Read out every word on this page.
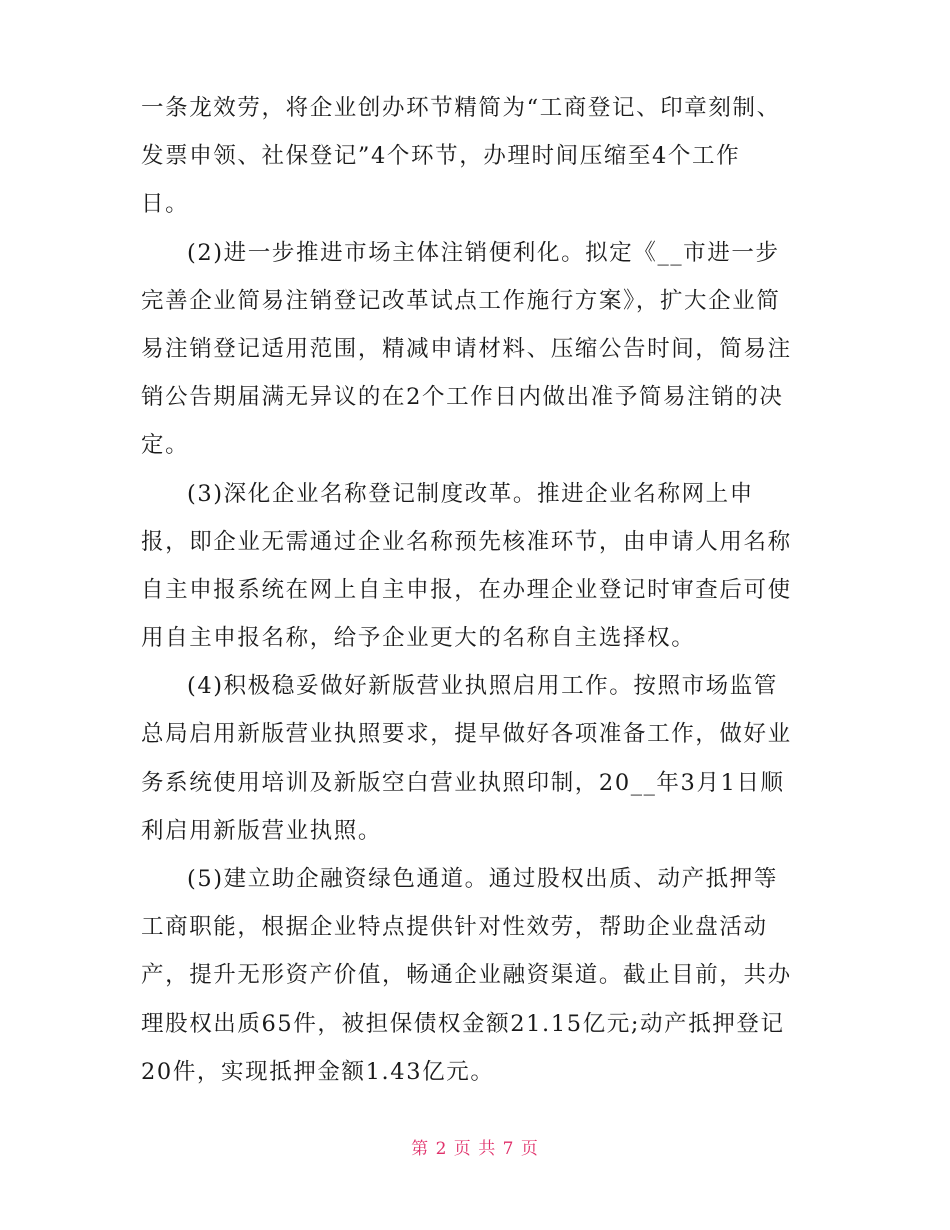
一条龙效劳，将企业创办环节精简为“工商登记、印章刻制、
发票申领、社保登记”4个环节，办理时间压缩至4个工作
日。
(2)进一步推进市场主体注销便利化。拟定《__市进一步
完善企业简易注销登记改革试点工作施行方案》，扩大企业简
易注销登记适用范围，精减申请材料、压缩公告时间，简易注
销公告期届满无异议的在2个工作日内做出准予简易注销的决
定。
(3)深化企业名称登记制度改革。推进企业名称网上申
报，即企业无需通过企业名称预先核准环节，由申请人用名称
自主申报系统在网上自主申报，在办理企业登记时审查后可使
用自主申报名称，给予企业更大的名称自主选择权。
(4)积极稳妥做好新版营业执照启用工作。按照市场监管
总局启用新版营业执照要求，提早做好各项准备工作，做好业
务系统使用培训及新版空白营业执照印制，20__年3月1日顺
利启用新版营业执照。
(5)建立助企融资绿色通道。通过股权出质、动产抵押等
工商职能，根据企业特点提供针对性效劳，帮助企业盘活动
产，提升无形资产价值，畅通企业融资渠道。截止目前，共办
理股权出质65件，被担保债权金额21.15亿元;动产抵押登记
20件，实现抵押金额1.43亿元。
第 2 页 共 7 页
